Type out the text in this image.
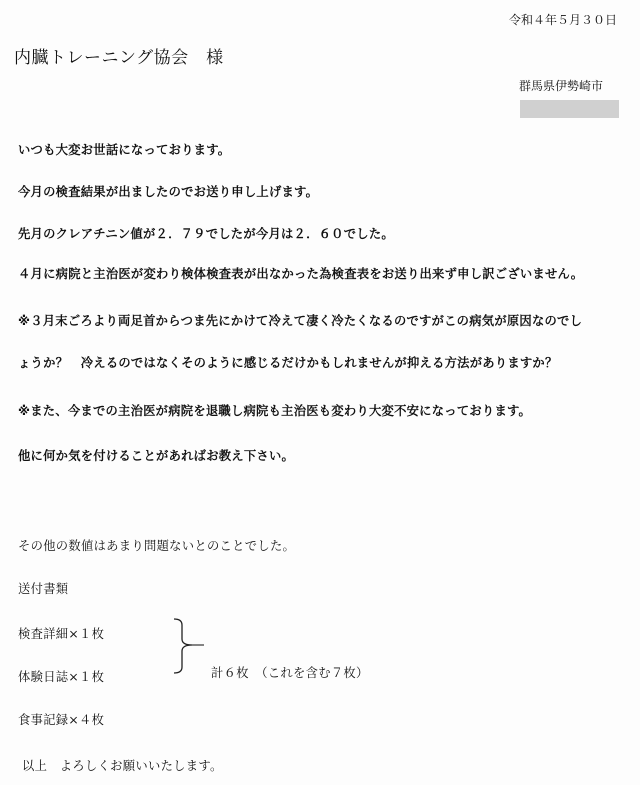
令和４年５月３０日
内臓トレーニング協会　様
群馬県伊勢崎市
いつも大変お世話になっております。
今月の検査結果が出ましたのでお送り申し上げます。
先月のクレアチニン値が２．７９でしたが今月は２．６０でした。
４月に病院と主治医が変わり検体検査表が出なかった為検査表をお送り出来ず申し訳ございません。
※３月末ごろより両足首からつま先にかけて冷えて凄く冷たくなるのですがこの病気が原因なのでし
ょうか？　冷えるのではなくそのように感じるだけかもしれませんが抑える方法がありますか？
※また、今までの主治医が病院を退職し病院も主治医も変わり大変不安になっております。
他に何か気を付けることがあればお教え下さい。
その他の数値はあまり問題ないとのことでした。
送付書類
検査詳細×１枚
体験日誌×１枚
食事記録×４枚
計６枚　（これを含む７枚）
以上　よろしくお願いいたします。
